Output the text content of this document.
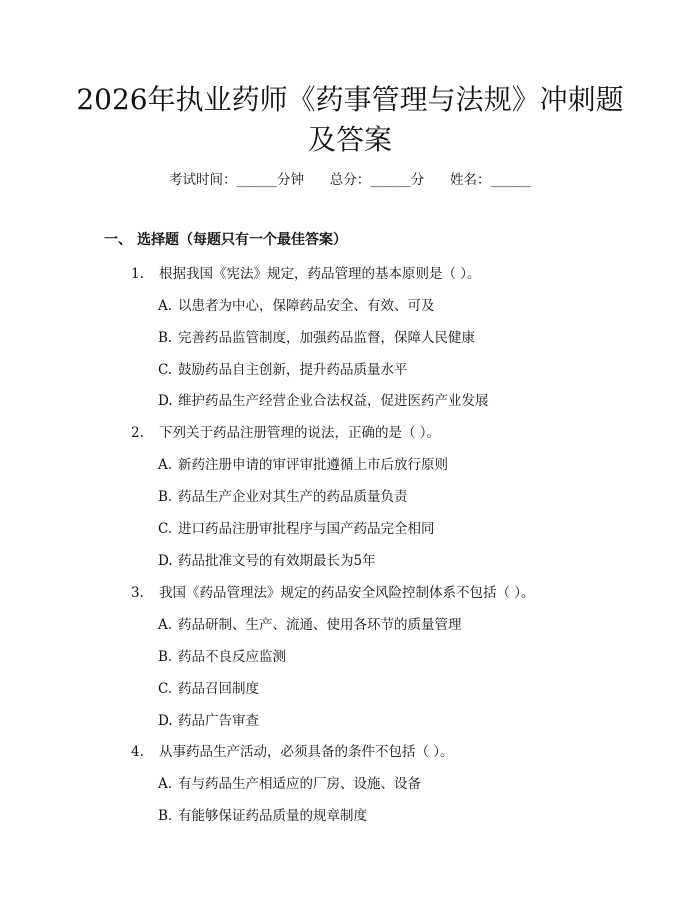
2026年执业药师《药事管理与法规》冲刺题
及答案
考试时间：______分钟 总分：______分 姓名：______
一、 选择题（每题只有一个最佳答案）
1. 根据我国《宪法》规定，药品管理的基本原则是（ ）。
A. 以患者为中心，保障药品安全、有效、可及
B. 完善药品监管制度，加强药品监督，保障人民健康
C. 鼓励药品自主创新，提升药品质量水平
D. 维护药品生产经营企业合法权益，促进医药产业发展
2. 下列关于药品注册管理的说法，正确的是（ ）。
A. 新药注册申请的审评审批遵循上市后放行原则
B. 药品生产企业对其生产的药品质量负责
C. 进口药品注册审批程序与国产药品完全相同
D. 药品批准文号的有效期最长为5年
3. 我国《药品管理法》规定的药品安全风险控制体系不包括（ ）。
A. 药品研制、生产、流通、使用各环节的质量管理
B. 药品不良反应监测
C. 药品召回制度
D. 药品广告审查
4. 从事药品生产活动，必须具备的条件不包括（ ）。
A. 有与药品生产相适应的厂房、设施、设备
B. 有能够保证药品质量的规章制度
